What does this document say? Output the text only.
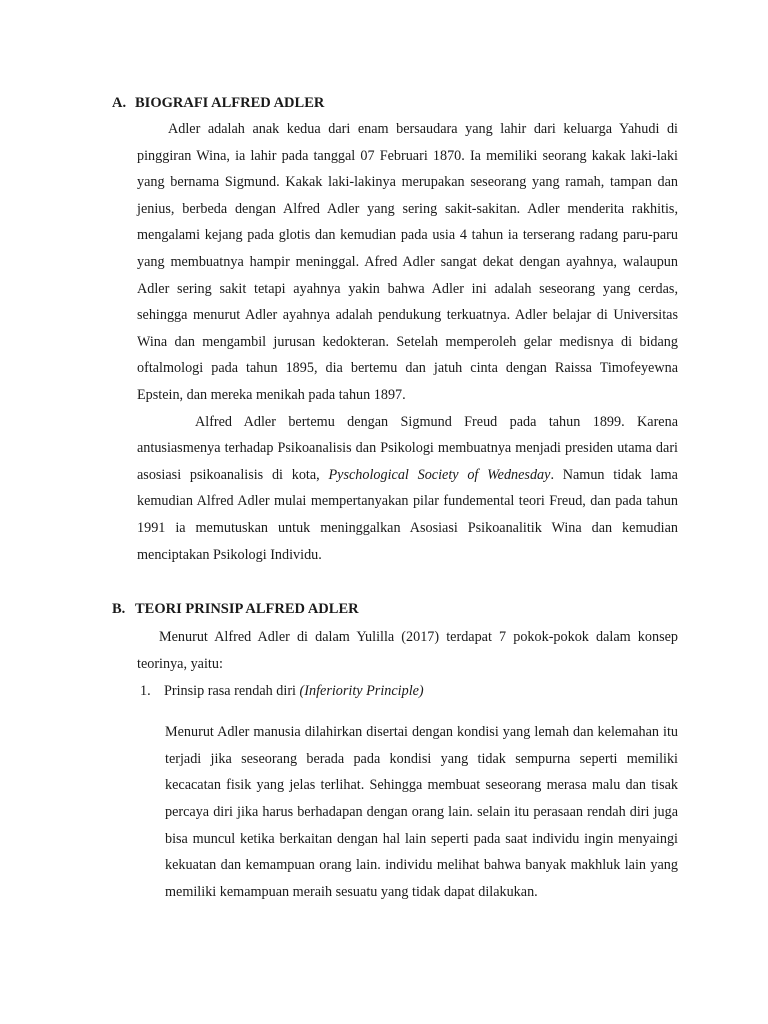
A. BIOGRAFI ALFRED ADLER

Adler adalah anak kedua dari enam bersaudara yang lahir dari keluarga Yahudi di pinggiran Wina, ia lahir pada tanggal 07 Februari 1870. Ia memiliki seorang kakak laki-laki yang bernama Sigmund. Kakak laki-lakinya merupakan seseorang yang ramah, tampan dan jenius, berbeda dengan Alfred Adler yang sering sakit-sakitan. Adler menderita rakhitis, mengalami kejang pada glotis dan kemudian pada usia 4 tahun ia terserang radang paru-paru yang membuatnya hampir meninggal. Afred Adler sangat dekat dengan ayahnya, walaupun Adler sering sakit tetapi ayahnya yakin bahwa Adler ini adalah seseorang yang cerdas, sehingga menurut Adler ayahnya adalah pendukung terkuatnya. Adler belajar di Universitas Wina dan mengambil jurusan kedokteran. Setelah memperoleh gelar medisnya di bidang oftalmologi pada tahun 1895, dia bertemu dan jatuh cinta dengan Raissa Timofeyewna Epstein, dan mereka menikah pada tahun 1897.

Alfred Adler bertemu dengan Sigmund Freud pada tahun 1899. Karena antusiasmenya terhadap Psikoanalisis dan Psikologi membuatnya menjadi presiden utama dari asosiasi psikoanalisis di kota, Pyschological Society of Wednesday. Namun tidak lama kemudian Alfred Adler mulai mempertanyakan pilar fundemental teori Freud, dan pada tahun 1991 ia memutuskan untuk meninggalkan Asosiasi Psikoanalitik Wina dan kemudian menciptakan Psikologi Individu.

B. TEORI PRINSIP ALFRED ADLER

Menurut Alfred Adler di dalam Yulilla (2017) terdapat 7 pokok-pokok dalam konsep teorinya, yaitu:

1. Prinsip rasa rendah diri (Inferiority Principle)

Menurut Adler manusia dilahirkan disertai dengan kondisi yang lemah dan kelemahan itu terjadi jika seseorang berada pada kondisi yang tidak sempurna seperti memiliki kecacatan fisik yang jelas terlihat. Sehingga membuat seseorang merasa malu dan tisak percaya diri jika harus berhadapan dengan orang lain. selain itu perasaan rendah diri juga bisa muncul ketika berkaitan dengan hal lain seperti pada saat individu ingin menyaingi kekuatan dan kemampuan orang lain. individu melihat bahwa banyak makhluk lain yang memiliki kemampuan meraih sesuatu yang tidak dapat dilakukan.
